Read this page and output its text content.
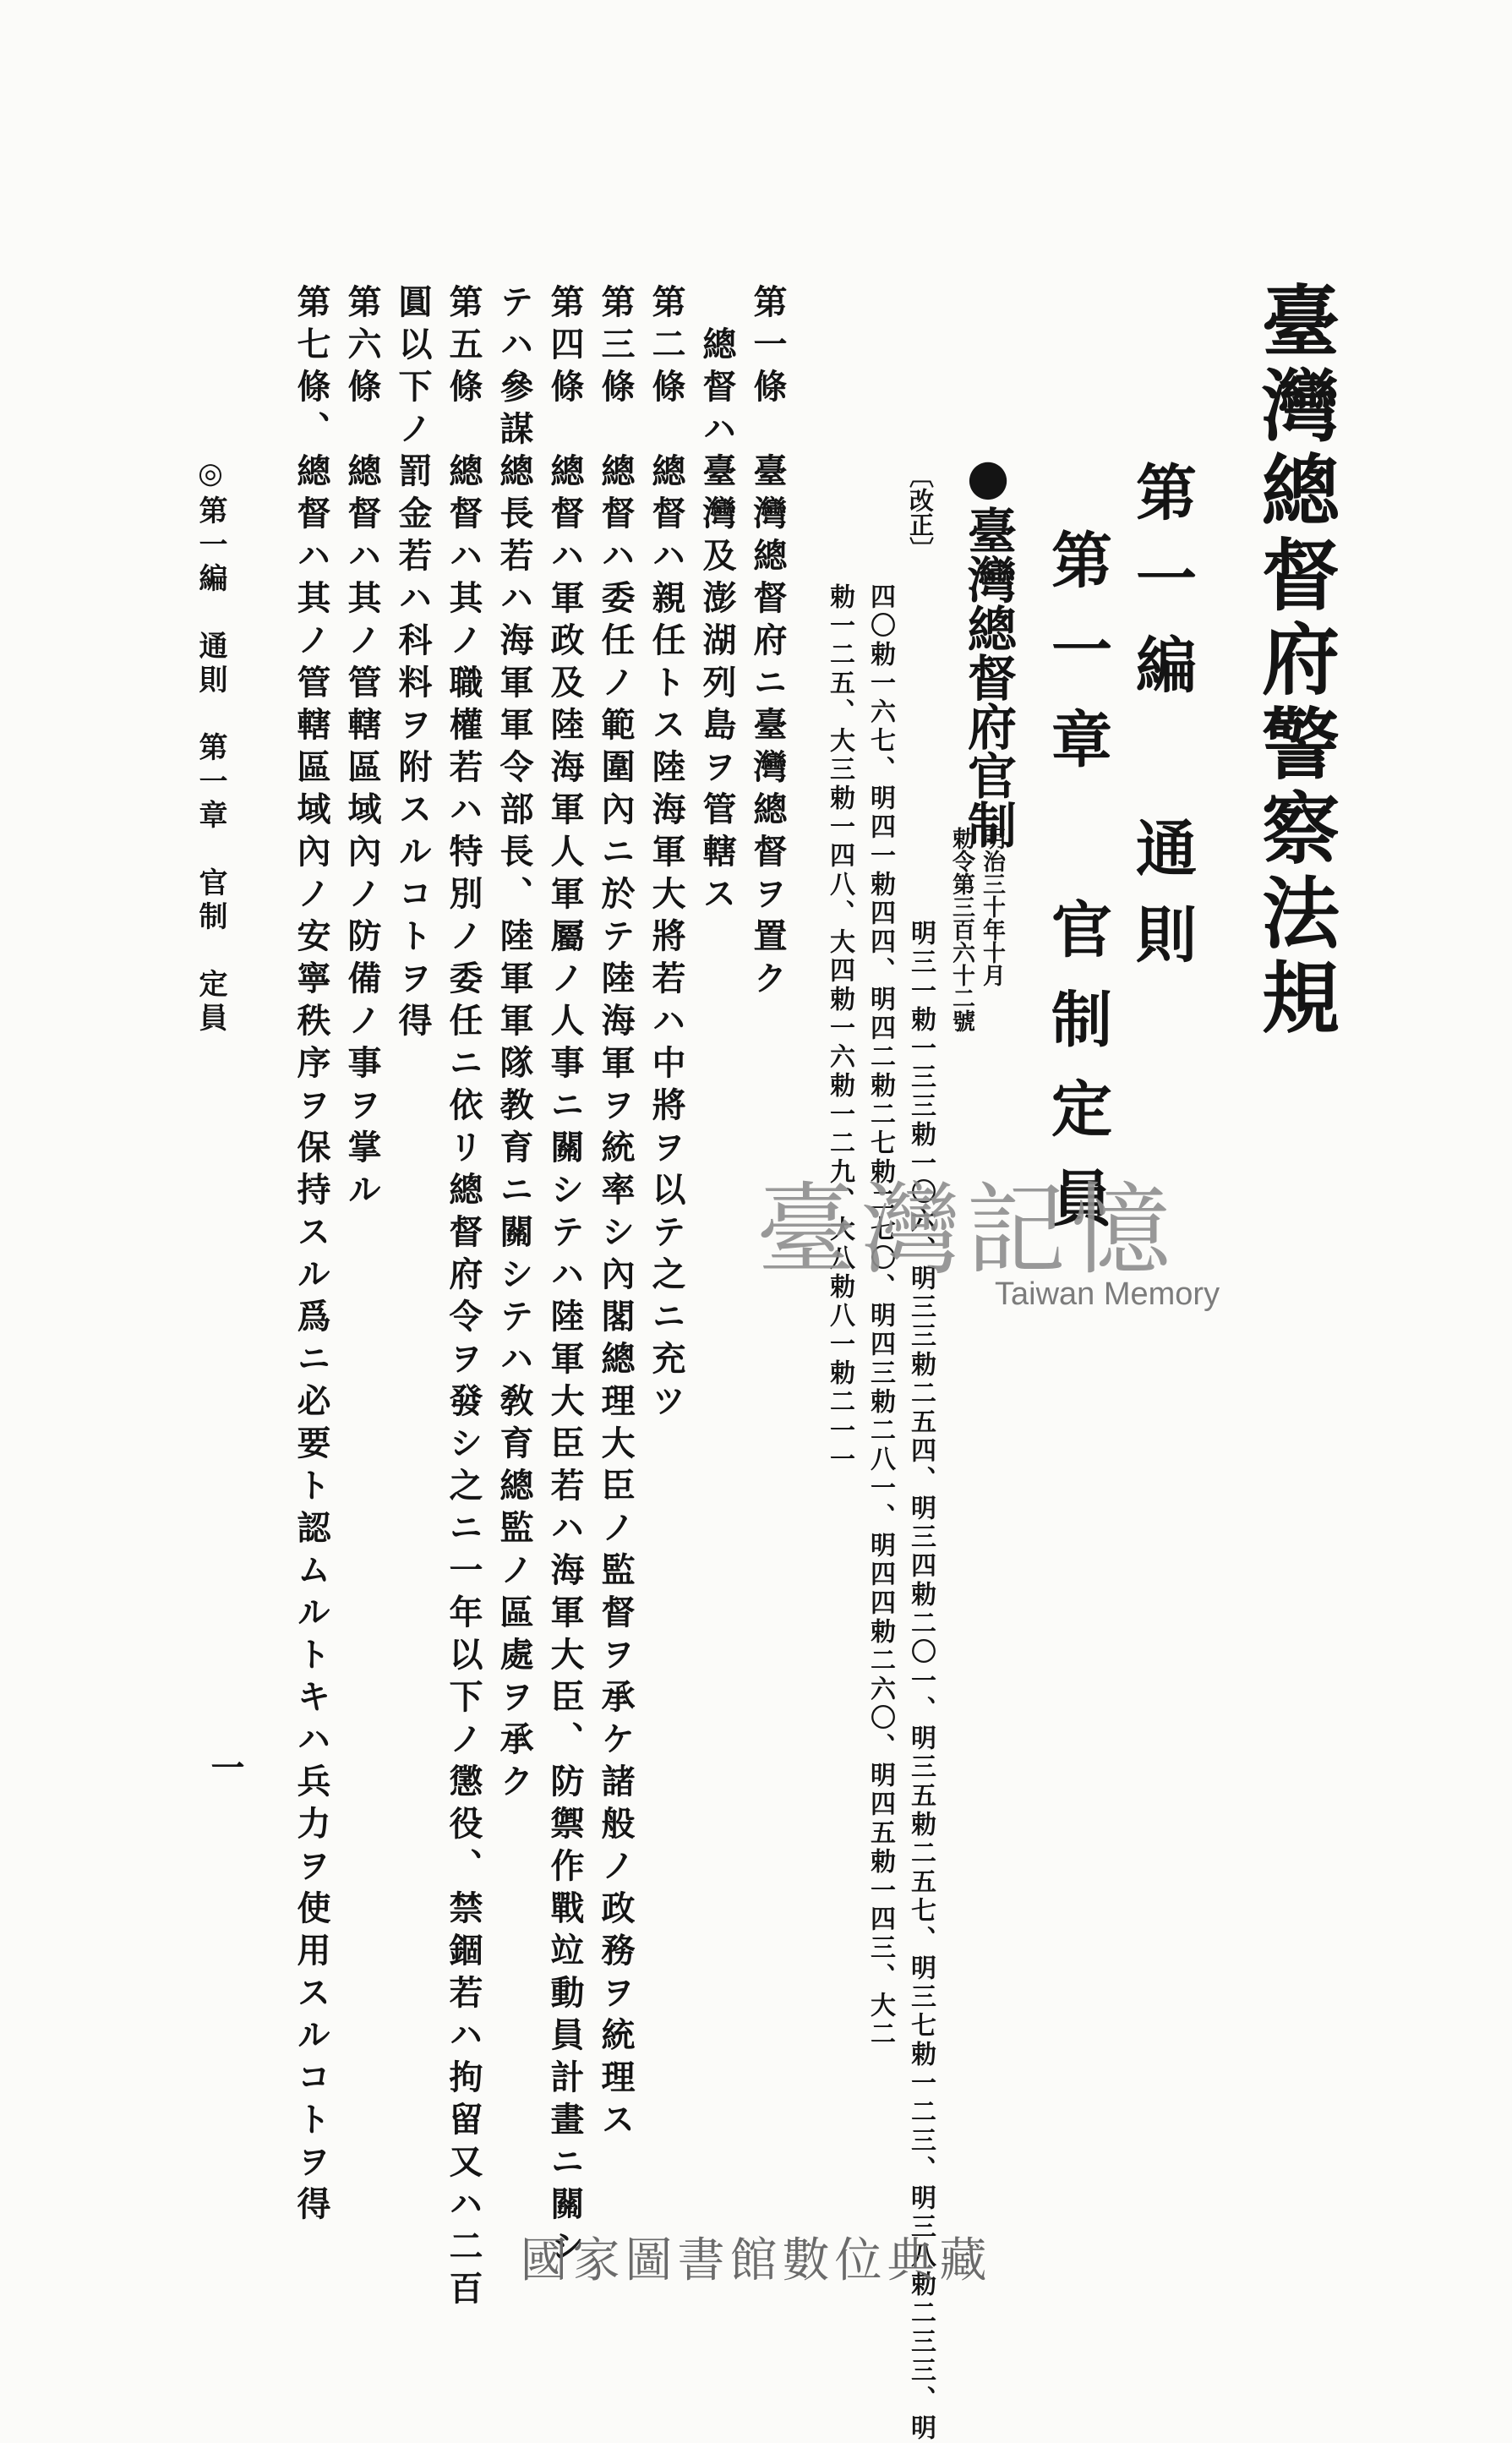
臺灣總督府警察法規
第一編 通則
第一章 官制定員
●臺灣總督府官制
明治三十年十月
勅令第三百六十二號
〔改正〕
明三一勅一三三勅一〇六、明三三勅二五四、明三四勅二〇一、明三五勅二五七、明三七勅一二三、明三八勅二三三、明
四〇勅一六七、明四一勅四四、明四二勅二七勅二七〇、明四三勅二八一、明四四勅二六〇、明四五勅一四三、大二
勅一二五、大三勅一四八、大四勅一六勅一二九、大八勅八一勅二一一
第一條　臺灣總督府ニ臺灣總督ヲ置ク
　總督ハ臺灣及澎湖列島ヲ管轄ス
第二條　總督ハ親任トス陸海軍大將若ハ中將ヲ以テ之ニ充ツ
第三條　總督ハ委任ノ範圍內ニ於テ陸海軍ヲ統率シ內閣總理大臣ノ監督ヲ承ケ諸般ノ政務ヲ統理ス
第四條　總督ハ軍政及陸海軍人軍屬ノ人事ニ關シテハ陸軍大臣若ハ海軍大臣、防禦作戰竝動員計畫ニ關シ
テハ參謀總長若ハ海軍軍令部長、陸軍軍隊教育ニ關シテハ敎育總監ノ區處ヲ承ク
第五條　總督ハ其ノ職權若ハ特別ノ委任ニ依リ總督府令ヲ發シ之ニ一年以下ノ懲役、禁錮若ハ拘留又ハ二百
圓以下ノ罰金若ハ科料ヲ附スルコトヲ得
第六條　總督ハ其ノ管轄區域內ノ防備ノ事ヲ掌ル
第七條、總督ハ其ノ管轄區域內ノ安寧秩序ヲ保持スル爲ニ必要ト認ムルトキハ兵力ヲ使用スルコトヲ得
◎第一編　通則　第一章　官制　定員
一
臺灣記憶
Taiwan Memory
國家圖書館數位典藏
